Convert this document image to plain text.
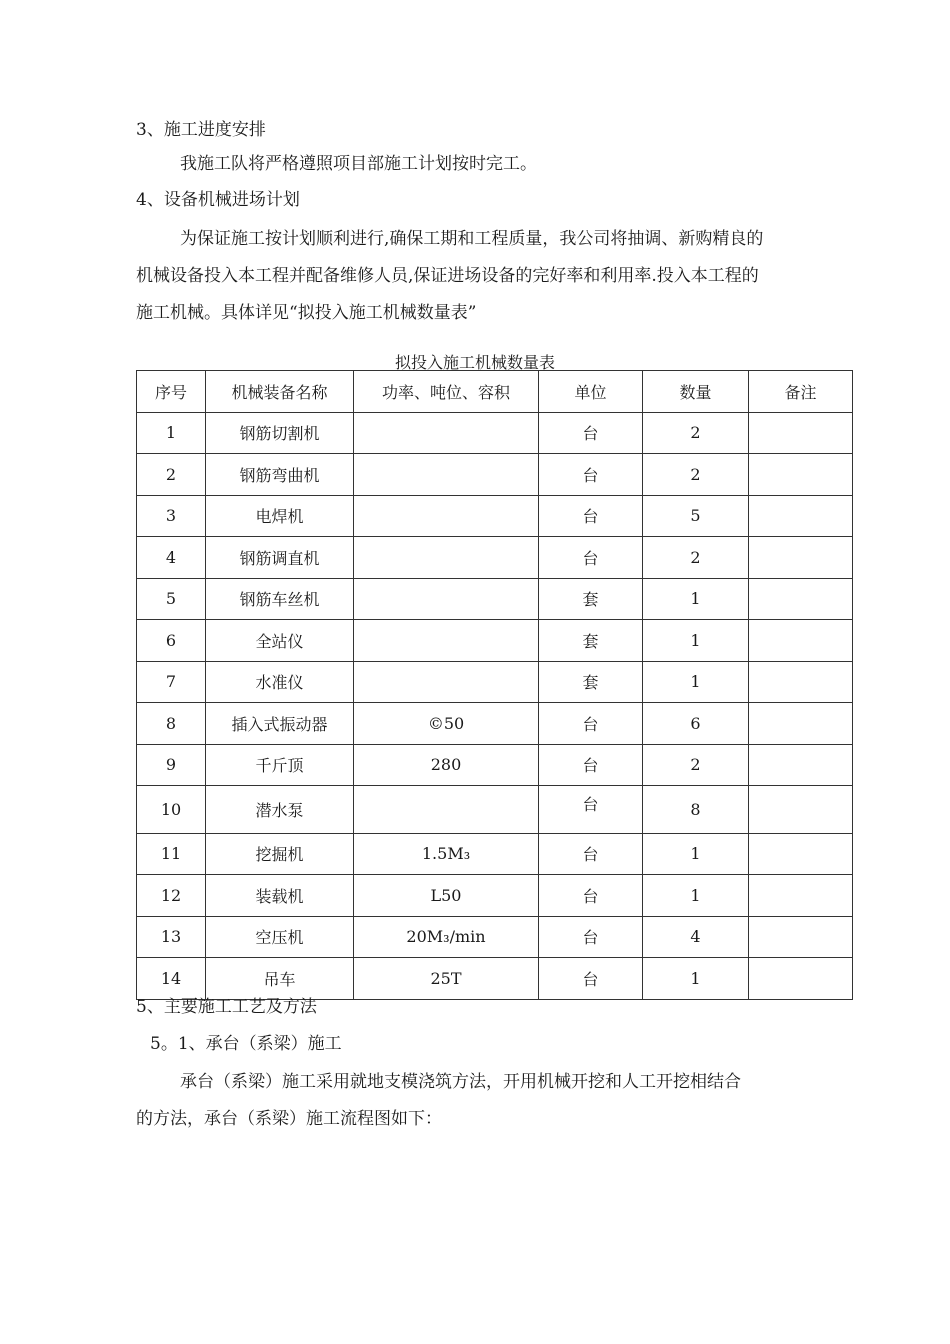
3、施工进度安排
我施工队将严格遵照项目部施工计划按时完工。
4、设备机械进场计划
为保证施工按计划顺利进行,确保工期和工程质量，我公司将抽调、新购精良的
机械设备投入本工程并配备维修人员,保证进场设备的完好率和利用率.投入本工程的
施工机械。具体详见“拟投入施工机械数量表”
拟投入施工机械数量表
序号	机械装备名称	功率、吨位、容积	单位	数量	备注
1	钢筋切割机		台	2	
2	钢筋弯曲机		台	2	
3	电焊机		台	5	
4	钢筋调直机		台	2	
5	钢筋车丝机		套	1	
6	全站仪		套	1	
7	水准仪		套	1	
8	插入式振动器	©50	台	6	
9	千斤顶	280	台	2	
10	潜水泵		台	8	
11	挖掘机	1.5M₃	台	1	
12	装载机	L50	台	1	
13	空压机	20M₃/min	台	4	
14	吊车	25T	台	1	
5、主要施工工艺及方法
5。1、承台（系梁）施工
承台（系梁）施工采用就地支模浇筑方法，开用机械开挖和人工开挖相结合
的方法，承台（系梁）施工流程图如下：
